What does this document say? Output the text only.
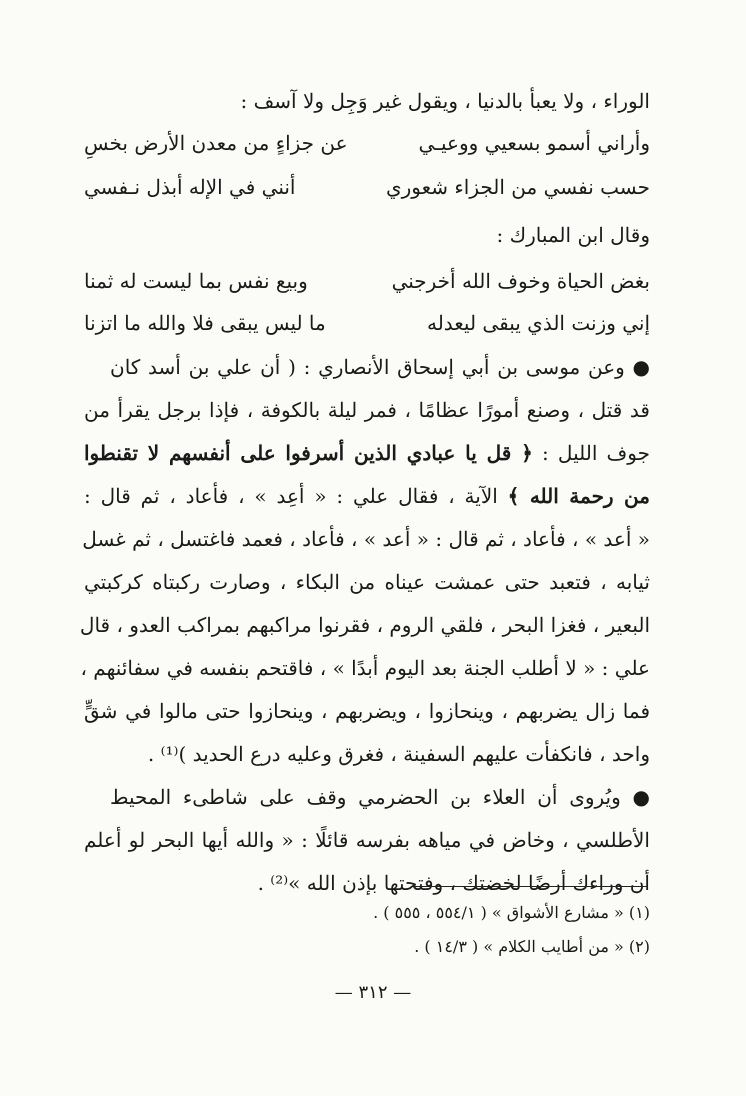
الوراء ، ولا يعبأ بالدنيا ، ويقول غير وَجِل ولا آسف :
وأراني أسمو بسعيي ووعيـي
عن جزاءٍ من معدن الأرض بخسِ
حسب نفسي من الجزاء شعوري
أنني في الإله أبذل نـفسي
وقال ابن المبارك :
بغض الحياة وخوف الله أخرجني
وبيع نفس بما ليست له ثمنا
إني وزنت الذي يبقى ليعدله
ما ليس يبقى فلا والله ما اتزنا
● وعن موسى بن أبي إسحاق الأنصاري : ( أن علي بن أسد كان
قد قتل ، وصنع أمورًا عظامًا ، فمر ليلة بالكوفة ، فإذا برجل يقرأ من
جوف الليل : ﴿ قل يا عبادي الذين أسرفوا على أنفسهم لا تقنطوا
من رحمة الله ﴾ الآية ، فقال علي : « أعِد » ، فأعاد ، ثم قال :
« أعد » ، فأعاد ، ثم قال : « أعد » ، فأعاد ، فعمد فاغتسل ، ثم غسل
ثيابه ، فتعبد حتى عمشت عيناه من البكاء ، وصارت ركبتاه كركبتي
البعير ، فغزا البحر ، فلقي الروم ، فقرنوا مراكبهم بمراكب العدو ، قال
علي : « لا أطلب الجنة بعد اليوم أبدًا » ، فاقتحم بنفسه في سفائنهم ،
فما زال يضربهم ، وينحازوا ، ويضربهم ، وينحازوا حتى مالوا في شقٍّ
واحد ، فانكفأت عليهم السفينة ، فغرق وعليه درع الحديد )⁽¹⁾ .
● ويُروى أن العلاء بن الحضرمي وقف على شاطىء المحيط
الأطلسي ، وخاض في مياهه بفرسه قائلًا : « والله أيها البحر لو أعلم
أن وراءك أرضًا لخضتك ، وفتحتها بإذن الله »⁽²⁾ .
(١) « مشارع الأشواق » ( ٥٥٤/١ ، ٥٥٥ ) .
(٢) « من أطايب الكلام » ( ١٤/٣ ) .
— ٣١٢ —
